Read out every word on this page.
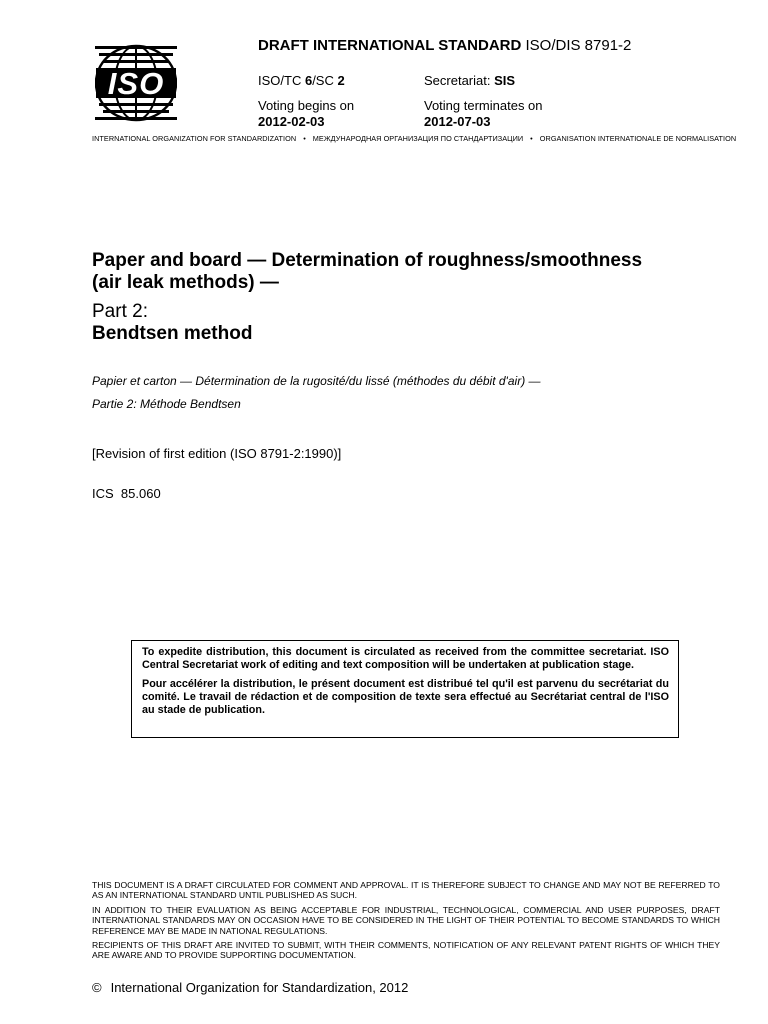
ISO
DRAFT INTERNATIONAL STANDARD ISO/DIS 8791-2
ISO/TC 6/SC 2	Secretariat: SIS
Voting begins on
2012-02-03
Voting terminates on
2012-07-03
INTERNATIONAL ORGANIZATION FOR STANDARDIZATION • МЕЖДУНАРОДНАЯ ОРГАНИЗАЦИЯ ПО СТАНДАРТИЗАЦИИ • ORGANISATION INTERNATIONALE DE NORMALISATION
Paper and board — Determination of roughness/smoothness
(air leak methods) —
Part 2:
Bendtsen method
Papier et carton — Détermination de la rugosité/du lissé (méthodes du débit d'air) —
Partie 2: Méthode Bendtsen
[Revision of first edition (ISO 8791-2:1990)]
ICS 85.060

To expedite distribution, this document is circulated as received from the committee secretariat. ISO Central Secretariat work of editing and text composition will be undertaken at publication stage.

Pour accélérer la distribution, le présent document est distribué tel qu'il est parvenu du secrétariat du comité. Le travail de rédaction et de composition de texte sera effectué au Secrétariat central de l'ISO au stade de publication.

THIS DOCUMENT IS A DRAFT CIRCULATED FOR COMMENT AND APPROVAL. IT IS THEREFORE SUBJECT TO CHANGE AND MAY NOT BE REFERRED TO AS AN INTERNATIONAL STANDARD UNTIL PUBLISHED AS SUCH.

IN ADDITION TO THEIR EVALUATION AS BEING ACCEPTABLE FOR INDUSTRIAL, TECHNOLOGICAL, COMMERCIAL AND USER PURPOSES, DRAFT INTERNATIONAL STANDARDS MAY ON OCCASION HAVE TO BE CONSIDERED IN THE LIGHT OF THEIR POTENTIAL TO BECOME STANDARDS TO WHICH REFERENCE MAY BE MADE IN NATIONAL REGULATIONS.

RECIPIENTS OF THIS DRAFT ARE INVITED TO SUBMIT, WITH THEIR COMMENTS, NOTIFICATION OF ANY RELEVANT PATENT RIGHTS OF WHICH THEY ARE AWARE AND TO PROVIDE SUPPORTING DOCUMENTATION.

© International Organization for Standardization, 2012
